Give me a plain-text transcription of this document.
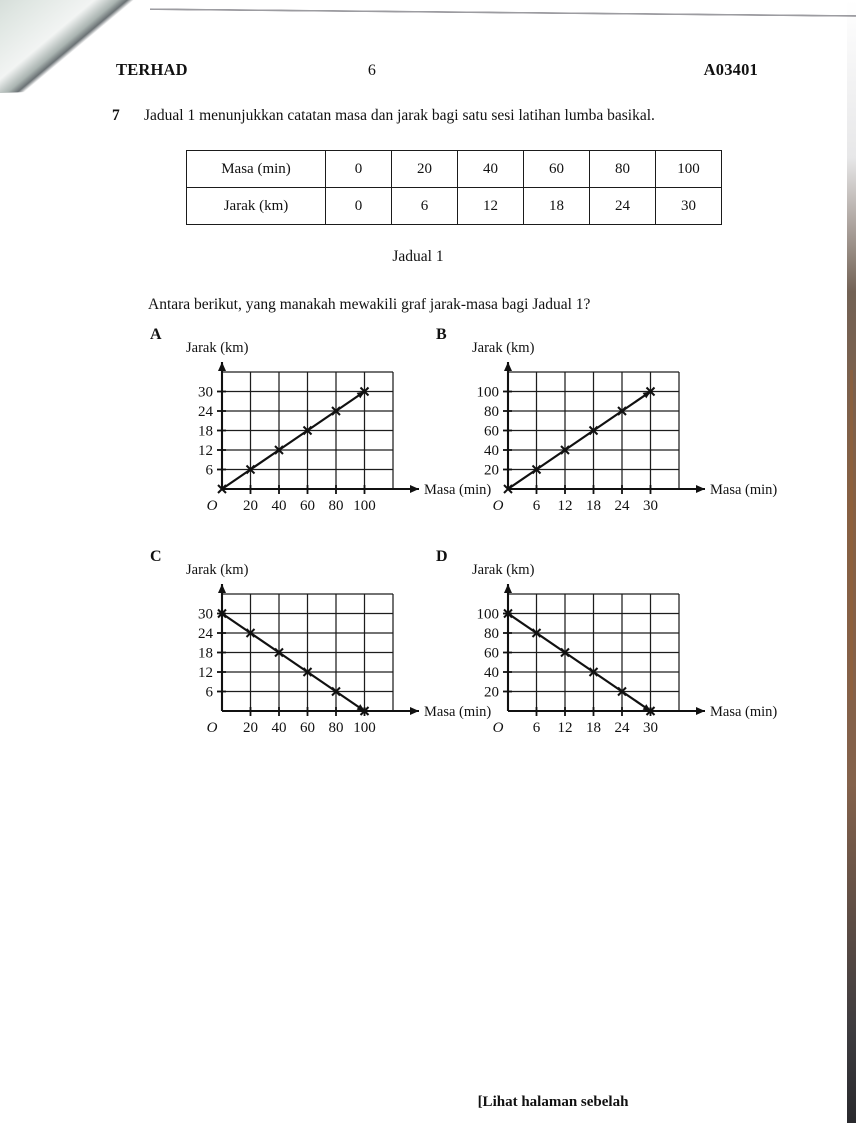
TERHAD	6	A03401
7	Jadual 1 menunjukkan catatan masa dan jarak bagi satu sesi latihan lumba basikal.
Masa (min)	0	20	40	60	80	100
Jarak (km)	0	6	12	18	24	30
Jadual 1
Antara berikut, yang manakah mewakili graf jarak-masa bagi Jadual 1?
A
Jarak (km)
6
12
18
24
30
20 40 60 80 100
O
Masa (min)
B
Jarak (km)
20
40
60
80
100
6 12 18 24 30
O
Masa (min)
C
Jarak (km)
6
12
18
24
30
20 40 60 80 100
O
Masa (min)
D
Jarak (km)
20
40
60
80
100
6 12 18 24 30
O
Masa (min)
[Lihat halaman sebelah
